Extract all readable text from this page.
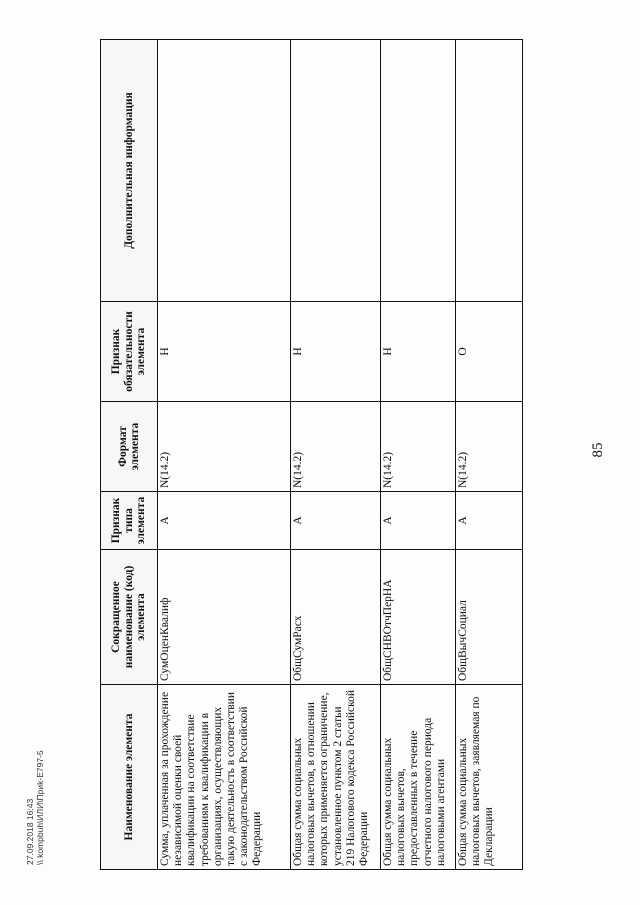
85
27.09.2018 16:43 \\ kompbuh\ИЛИ\Приk-E797-5	Наименование элемента	Сокращенное наименование (код) элемента	Признак типа элемента	Формат элемента	Признак обязательности элемента	Дополнительная информация
Сумма, уплаченная за прохождение независимой оценки своей квалификации на соответствие требованиям к квалификации в организациях, осуществляющих такую деятельность в соответствии с законодательством Российской Федерации	СумОценКвалиф	А	N(14.2)	Н	
Общая сумма социальных налоговых вычетов, в отношении которых применяется ограничение, установленное пунктом 2 статьи 219 Налогового кодекса Российской Федерации	ОбщСумРасх	А	N(14.2)	Н	
Общая сумма социальных налоговых вычетов, предоставленных в течение отчетного налогового периода налоговыми агентами	ОбщСНВОтчПерНА	А	N(14.2)	Н	
Общая сумма социальных налоговых вычетов, заявляемая по Декларации	ОбщВычСоциал	А	N(14.2)	О	
